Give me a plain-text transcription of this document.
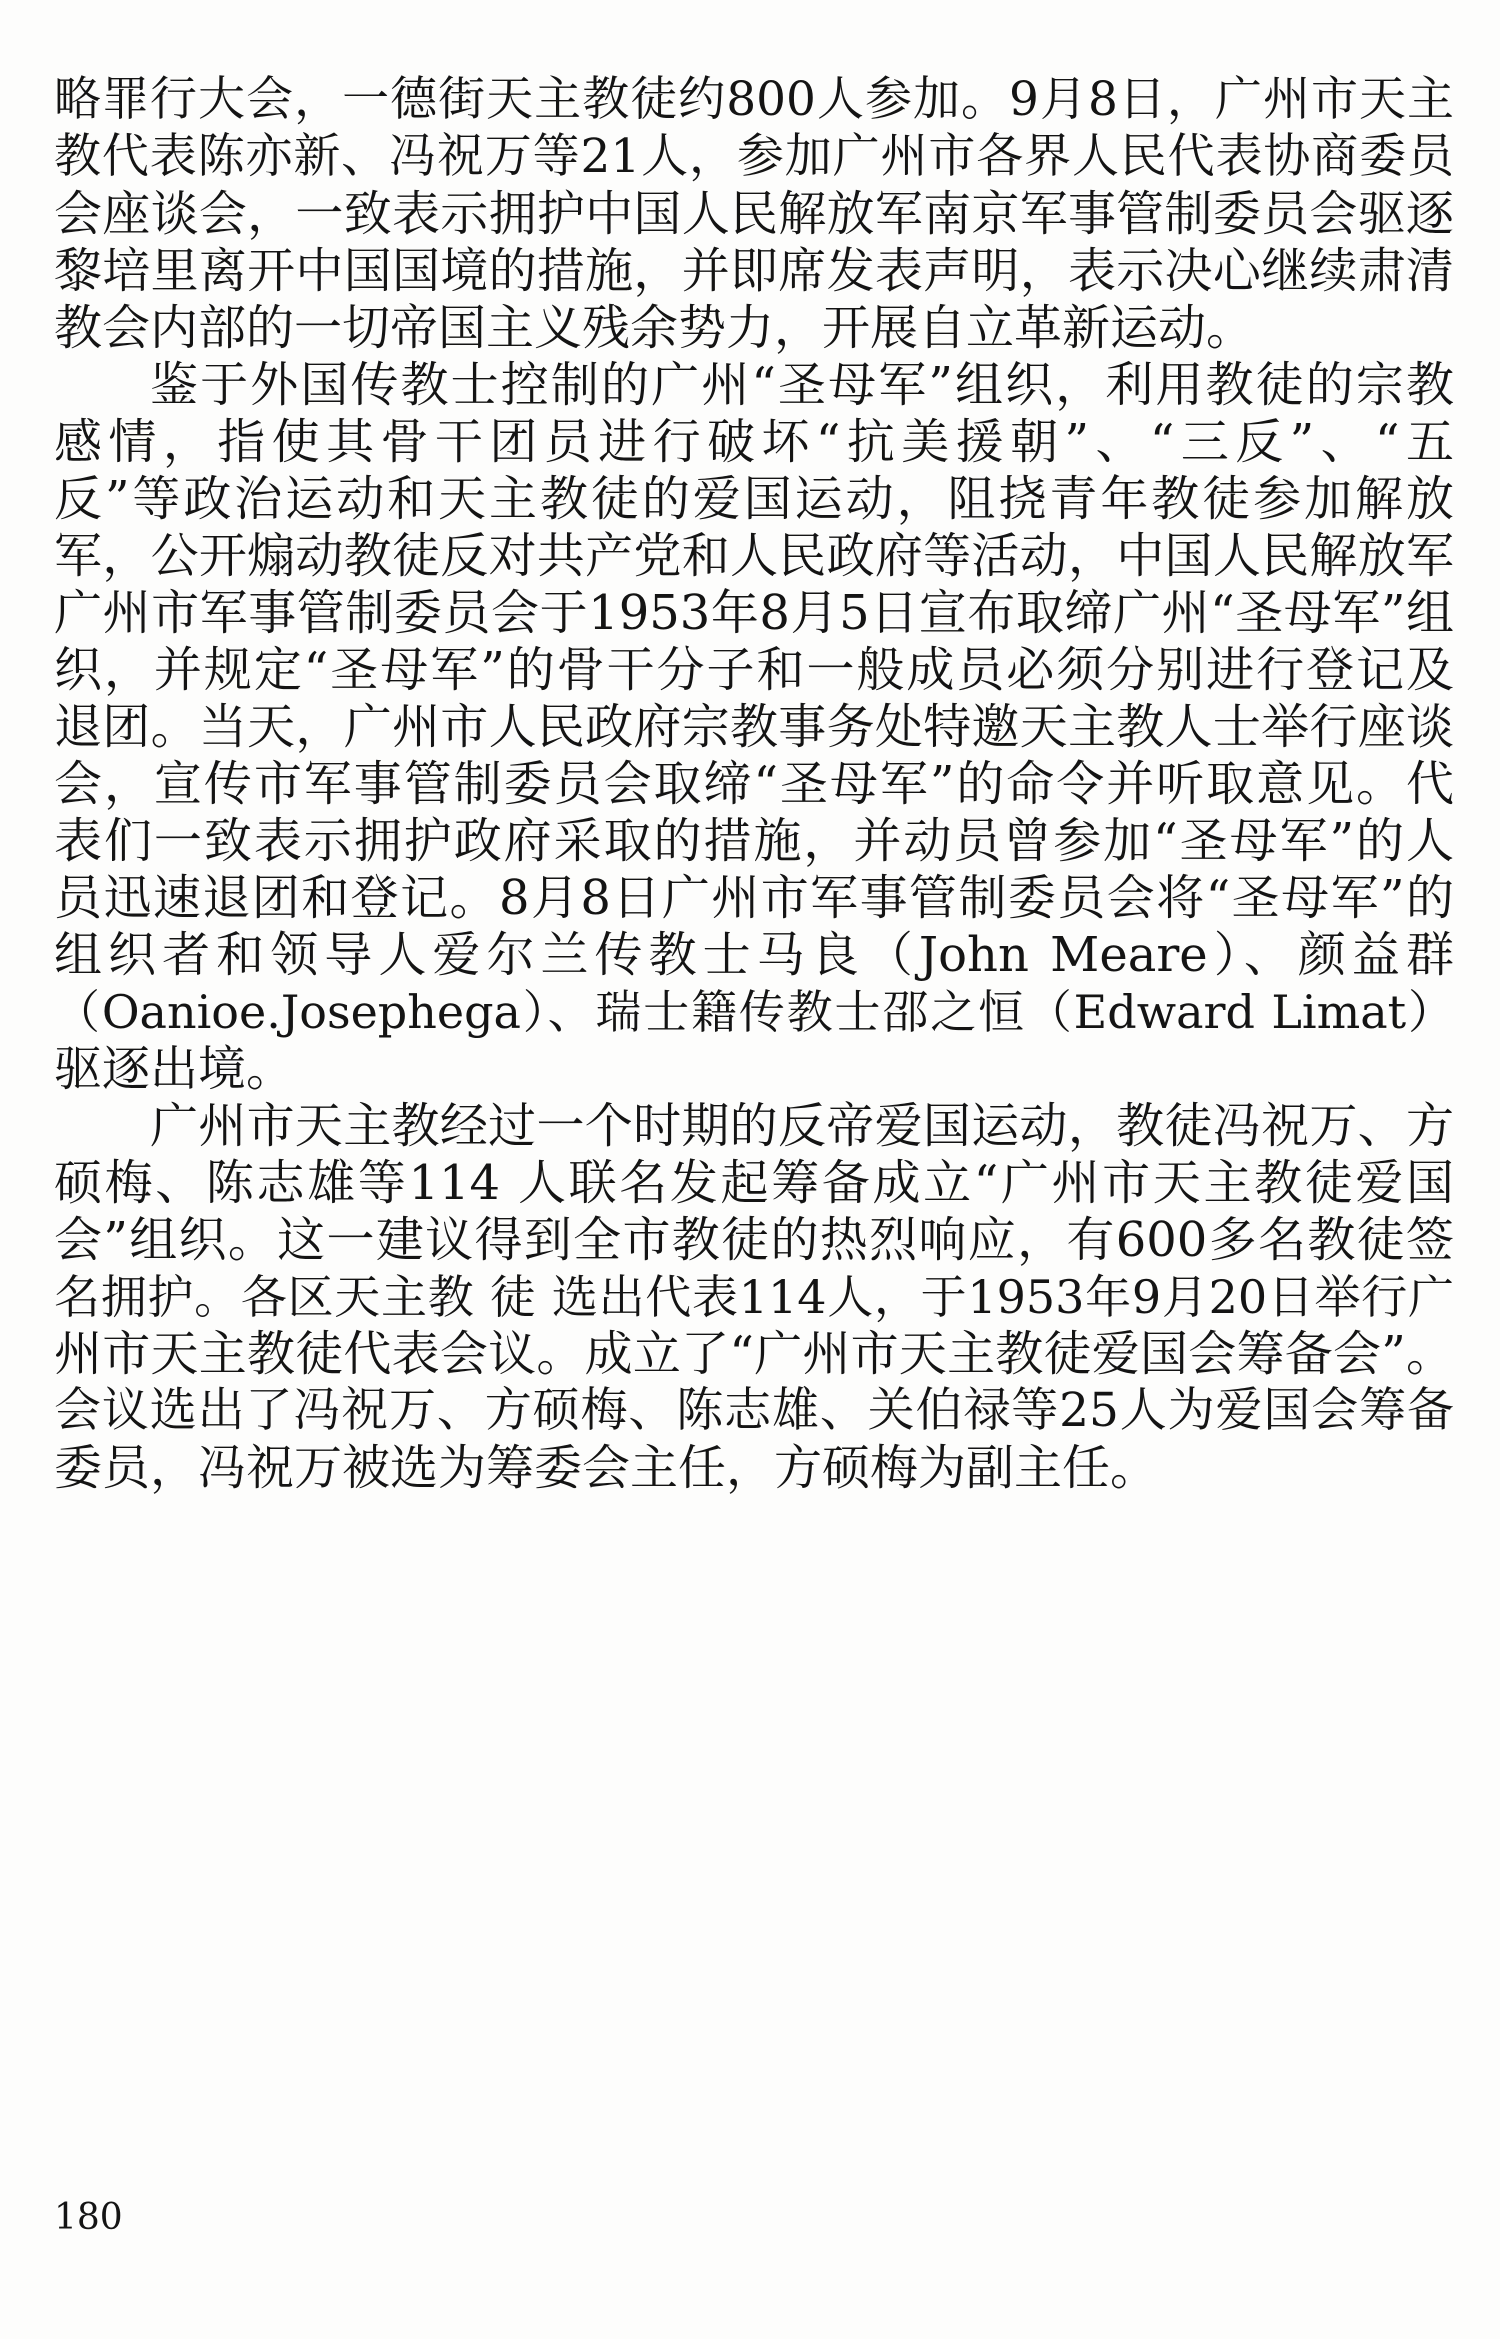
略罪行大会，一德街天主教徒约800人参加。9月8日，广州市天主
教代表陈亦新、冯祝万等21人，参加广州市各界人民代表协商委员
会座谈会，一致表示拥护中国人民解放军南京军事管制委员会驱逐
黎培里离开中国国境的措施，并即席发表声明，表示决心继续肃清
教会内部的一切帝国主义残余势力，开展自立革新运动。
鉴于外国传教士控制的广州“圣母军”组织，利用教徒的宗教
感情，指使其骨干团员进行破坏“抗美援朝”、“三反”、“五
反”等政治运动和天主教徒的爱国运动，阻挠青年教徒参加解放
军，公开煽动教徒反对共产党和人民政府等活动，中国人民解放军
广州市军事管制委员会于1953年8月5日宣布取缔广州“圣母军”组
织，并规定“圣母军”的骨干分子和一般成员必须分别进行登记及
退团。当天，广州市人民政府宗教事务处特邀天主教人士举行座谈
会，宣传市军事管制委员会取缔“圣母军”的命令并听取意见。代
表们一致表示拥护政府采取的措施，并动员曾参加“圣母军”的人
员迅速退团和登记。8月8日广州市军事管制委员会将“圣母军”的
组织者和领导人爱尔兰传教士马良（John Meare）、颜益群
（Oanioe.Josephega）、瑞士籍传教士邵之恒（Edward Limat）
驱逐出境。
广州市天主教经过一个时期的反帝爱国运动，教徒冯祝万、方
硕梅、陈志雄等114 人联名发起筹备成立“广州市天主教徒爱国
会”组织。这一建议得到全市教徒的热烈响应，有600多名教徒签
名拥护。各区天主教 徒 选出代表114人，于1953年9月20日举行广
州市天主教徒代表会议。成立了“广州市天主教徒爱国会筹备会”。
会议选出了冯祝万、方硕梅、陈志雄、关伯禄等25人为爱国会筹备
委员，冯祝万被选为筹委会主任，方硕梅为副主任。
180
